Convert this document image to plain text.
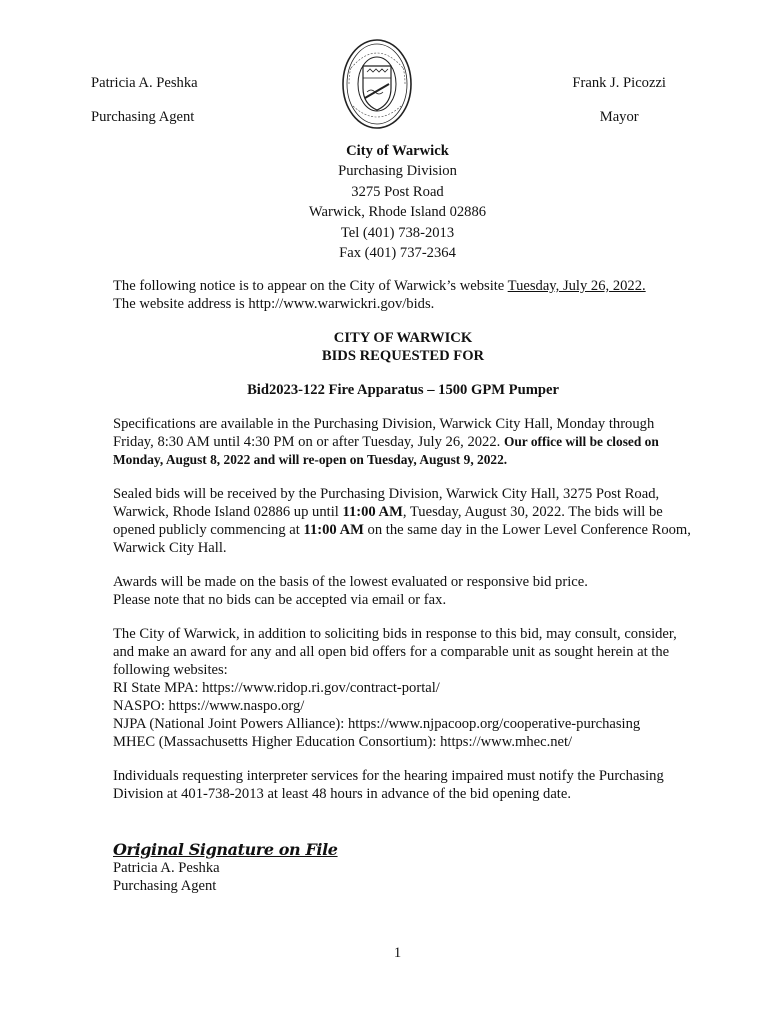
Patricia A. Peshka
Purchasing Agent
Frank J. Picozzi
Mayor
City of Warwick
Purchasing Division
3275 Post Road
Warwick, Rhode Island 02886
Tel (401) 738-2013
Fax (401) 737-2364

The following notice is to appear on the City of Warwick’s website Tuesday, July 26, 2022.
The website address is http://www.warwickri.gov/bids.

CITY OF WARWICK
BIDS REQUESTED FOR

Bid2023-122 Fire Apparatus – 1500 GPM Pumper

Specifications are available in the Purchasing Division, Warwick City Hall, Monday through Friday, 8:30 AM until 4:30 PM on or after Tuesday, July 26, 2022. Our office will be closed on Monday, August 8, 2022 and will re-open on Tuesday, August 9, 2022.

Sealed bids will be received by the Purchasing Division, Warwick City Hall, 3275 Post Road, Warwick, Rhode Island 02886 up until 11:00 AM, Tuesday, August 30, 2022. The bids will be opened publicly commencing at 11:00 AM on the same day in the Lower Level Conference Room, Warwick City Hall.

Awards will be made on the basis of the lowest evaluated or responsive bid price.
Please note that no bids can be accepted via email or fax.

The City of Warwick, in addition to soliciting bids in response to this bid, may consult, consider, and make an award for any and all open bid offers for a comparable unit as sought herein at the following websites:
RI State MPA: https://www.ridop.ri.gov/contract-portal/
NASPO: https://www.naspo.org/
NJPA (National Joint Powers Alliance): https://www.njpacoop.org/cooperative-purchasing
MHEC (Massachusetts Higher Education Consortium): https://www.mhec.net/

Individuals requesting interpreter services for the hearing impaired must notify the Purchasing Division at 401-738-2013 at least 48 hours in advance of the bid opening date.

Original Signature on File
Patricia A. Peshka
Purchasing Agent
1
